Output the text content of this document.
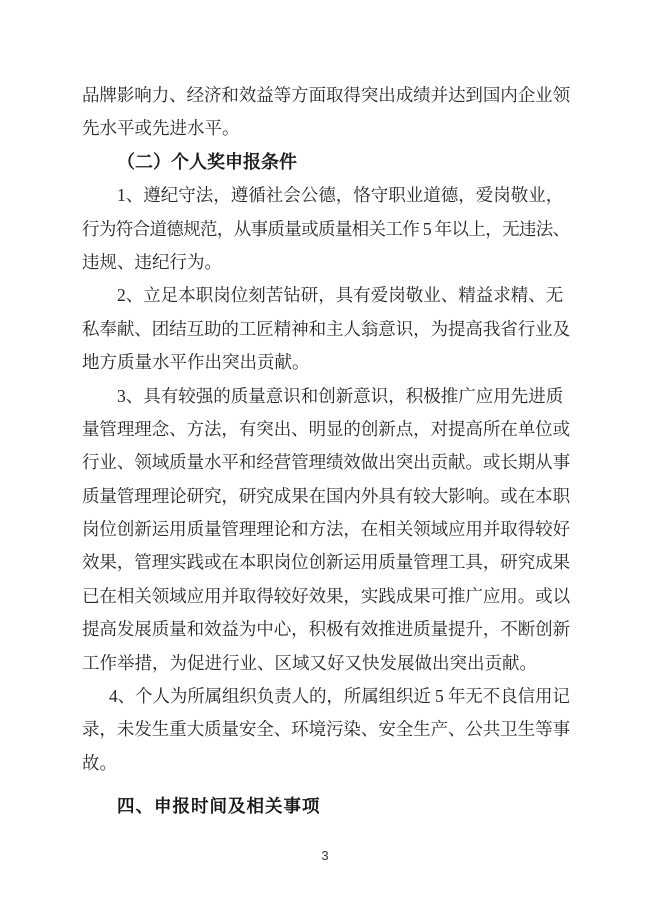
品牌影响力、经济和效益等方面取得突出成绩并达到国内企业领
先水平或先进水平。
（二）个人奖申报条件
1、遵纪守法，遵循社会公德，恪守职业道德，爱岗敬业，
行为符合道德规范，从事质量或质量相关工作 5 年以上，无违法、
违规、违纪行为。
2、立足本职岗位刻苦钻研，具有爱岗敬业、精益求精、无
私奉献、团结互助的工匠精神和主人翁意识，为提高我省行业及
地方质量水平作出突出贡献。
3、具有较强的质量意识和创新意识，积极推广应用先进质
量管理理念、方法，有突出、明显的创新点，对提高所在单位或
行业、领域质量水平和经营管理绩效做出突出贡献。或长期从事
质量管理理论研究，研究成果在国内外具有较大影响。或在本职
岗位创新运用质量管理理论和方法，在相关领域应用并取得较好
效果，管理实践或在本职岗位创新运用质量管理工具，研究成果
已在相关领域应用并取得较好效果，实践成果可推广应用。或以
提高发展质量和效益为中心，积极有效推进质量提升，不断创新
工作举措，为促进行业、区域又好又快发展做出突出贡献。
4、个人为所属组织负责人的，所属组织近 5 年无不良信用记
录，未发生重大质量安全、环境污染、安全生产、公共卫生等事
故。
四、申报时间及相关事项
3
